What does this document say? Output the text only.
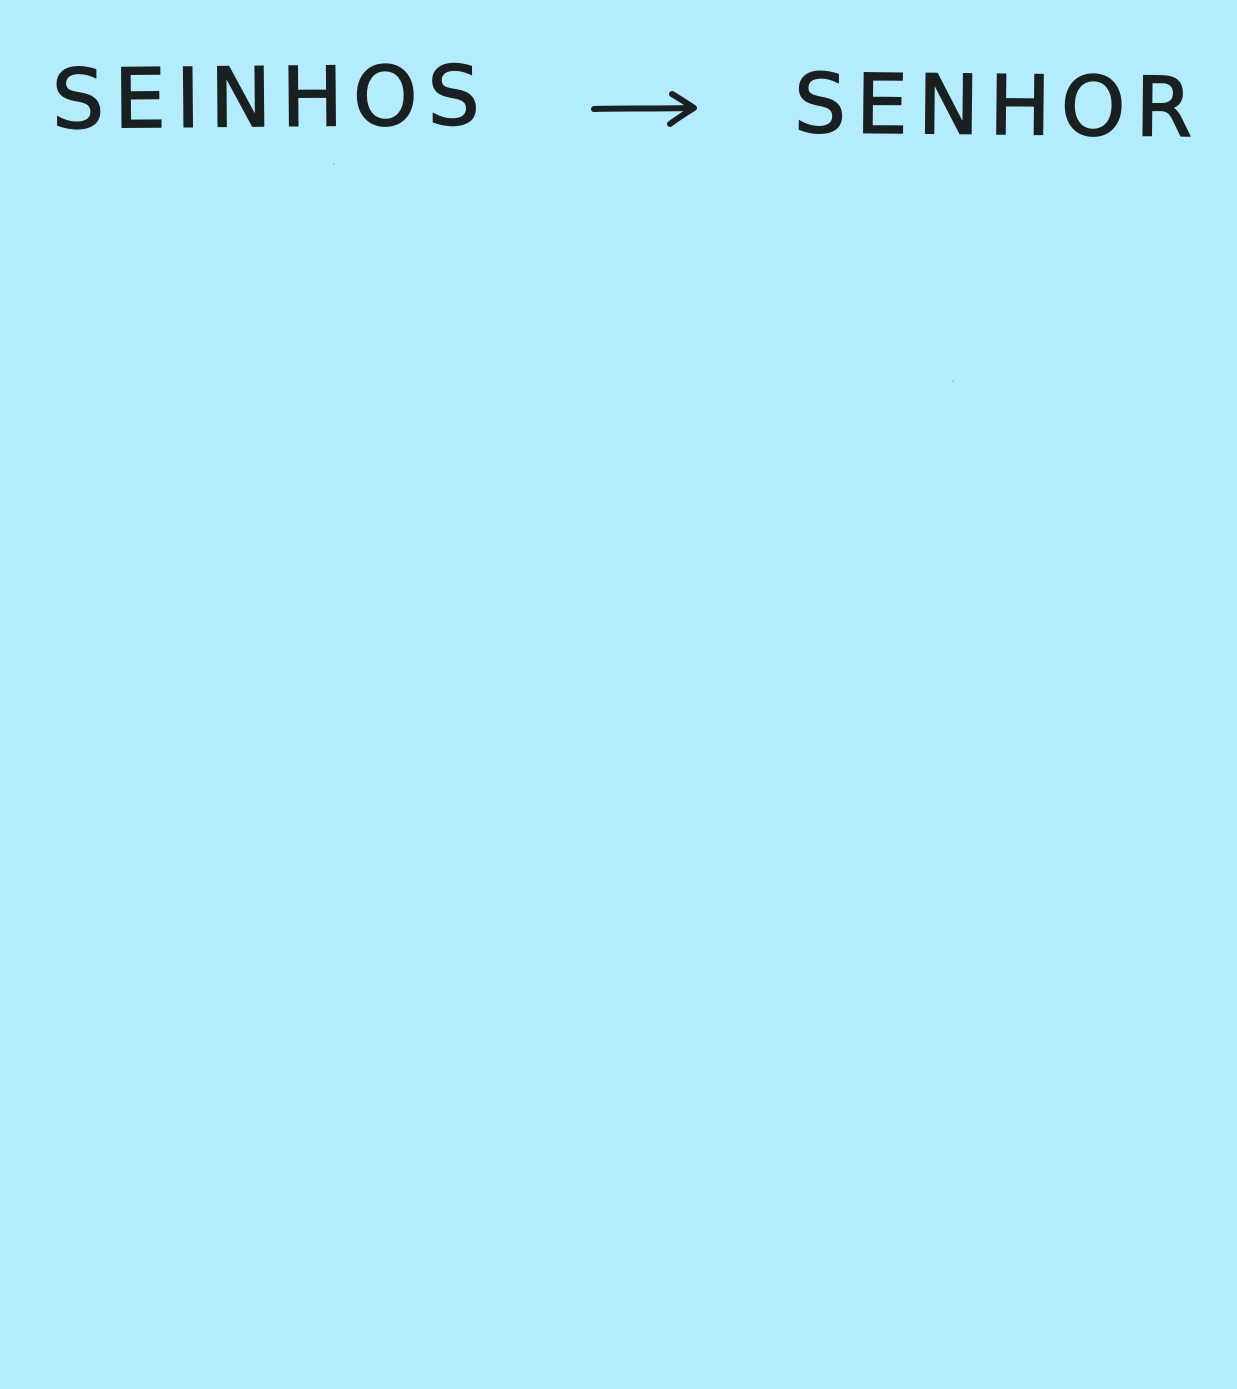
SEINHOS	SENHOR
